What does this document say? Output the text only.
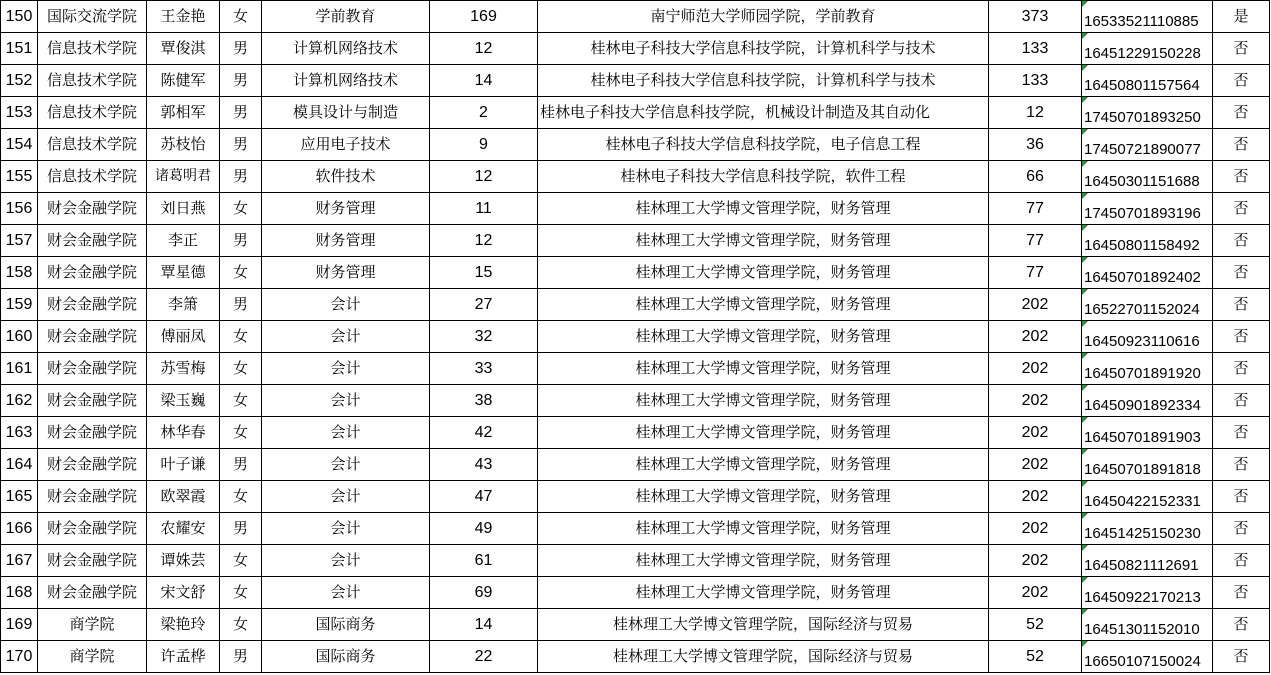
150	国际交流学院	王金艳	女	学前教育	169	南宁师范大学师园学院，学前教育	373	16533521110885	是
151	信息技术学院	覃俊淇	男	计算机网络技术	12	桂林电子科技大学信息科技学院，计算机科学与技术	133	16451229150228	否
152	信息技术学院	陈健军	男	计算机网络技术	14	桂林电子科技大学信息科技学院，计算机科学与技术	133	16450801157564	否
153	信息技术学院	郭相军	男	模具设计与制造	2	桂林电子科技大学信息科技学院，机械设计制造及其自动化	12	17450701893250	否
154	信息技术学院	苏枝怡	男	应用电子技术	9	桂林电子科技大学信息科技学院，电子信息工程	36	17450721890077	否
155	信息技术学院	诸葛明君	男	软件技术	12	桂林电子科技大学信息科技学院，软件工程	66	16450301151688	否
156	财会金融学院	刘日燕	女	财务管理	11	桂林理工大学博文管理学院，财务管理	77	17450701893196	否
157	财会金融学院	李正	男	财务管理	12	桂林理工大学博文管理学院，财务管理	77	16450801158492	否
158	财会金融学院	覃星德	女	财务管理	15	桂林理工大学博文管理学院，财务管理	77	16450701892402	否
159	财会金融学院	李箫	男	会计	27	桂林理工大学博文管理学院，财务管理	202	16522701152024	否
160	财会金融学院	傅丽凤	女	会计	32	桂林理工大学博文管理学院，财务管理	202	16450923110616	否
161	财会金融学院	苏雪梅	女	会计	33	桂林理工大学博文管理学院，财务管理	202	16450701891920	否
162	财会金融学院	梁玉巍	女	会计	38	桂林理工大学博文管理学院，财务管理	202	16450901892334	否
163	财会金融学院	林华春	女	会计	42	桂林理工大学博文管理学院，财务管理	202	16450701891903	否
164	财会金融学院	叶子谦	男	会计	43	桂林理工大学博文管理学院，财务管理	202	16450701891818	否
165	财会金融学院	欧翠霞	女	会计	47	桂林理工大学博文管理学院，财务管理	202	16450422152331	否
166	财会金融学院	农耀安	男	会计	49	桂林理工大学博文管理学院，财务管理	202	16451425150230	否
167	财会金融学院	谭姝芸	女	会计	61	桂林理工大学博文管理学院，财务管理	202	16450821112691	否
168	财会金融学院	宋文舒	女	会计	69	桂林理工大学博文管理学院，财务管理	202	16450922170213	否
169	商学院	梁艳玲	女	国际商务	14	桂林理工大学博文管理学院，国际经济与贸易	52	16451301152010	否
170	商学院	许孟桦	男	国际商务	22	桂林理工大学博文管理学院，国际经济与贸易	52	16650107150024	否
